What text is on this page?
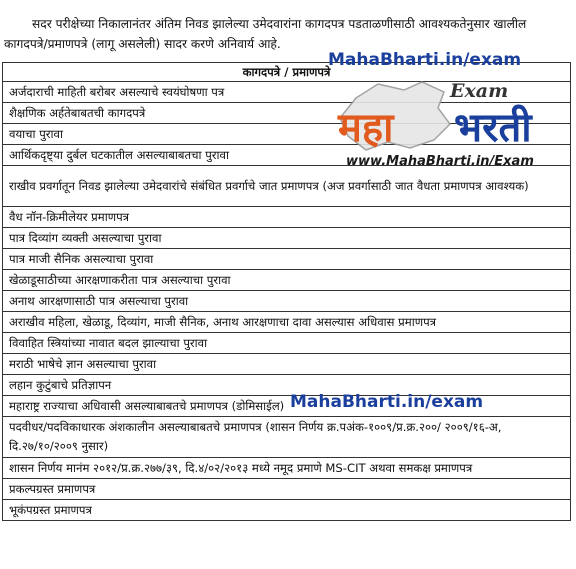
सदर परीक्षेच्या निकालानंतर अंतिम निवड झालेल्या उमेदवारांना कागदपत्र पडताळणीसाठी आवश्यकतेनुसार खालील कागदपत्रे/प्रमाणपत्रे (लागू असलेली) सादर करणे अनिवार्य आहे.

कागदपत्रे / प्रमाणपत्रे
अर्जदाराची माहिती बरोबर असल्याचे स्वयंघोषणा पत्र
शैक्षणिक अर्हतेबाबतची कागदपत्रे
वयाचा पुरावा
आर्थिकदृष्ट्या दुर्बल घटकातील असल्याबाबतचा पुरावा
राखीव प्रवर्गातून निवड झालेल्या उमेदवारांचे संबंधित प्रवर्गाचे जात प्रमाणपत्र (अज प्रवर्गासाठी जात वैधता प्रमाणपत्र आवश्यक)
वैध नॉन-क्रिमीलेयर प्रमाणपत्र
पात्र दिव्यांग व्यक्ती असल्याचा पुरावा
पात्र माजी सैनिक असल्याचा पुरावा
खेळाडूसाठीच्या आरक्षणाकरीता पात्र असल्याचा पुरावा
अनाथ आरक्षणासाठी पात्र असल्याचा पुरावा
अराखीव महिला, खेळाडू, दिव्यांग, माजी सैनिक, अनाथ आरक्षणाचा दावा असल्यास अधिवास प्रमाणपत्र
विवाहित स्त्रियांच्या नावात बदल झाल्याचा पुरावा
मराठी भाषेचे ज्ञान असल्याचा पुरावा
लहान कुटुंबाचे प्रतिज्ञापन
महाराष्ट्र राज्याचा अधिवासी असल्याबाबतचे प्रमाणपत्र (डोमिसाईल)
पदवीधर/पदविकाधारक अंशकालीन असल्याबाबतचे प्रमाणपत्र (शासन निर्णय क्र.पअंक-१००९/प्र.क्र.२००/ २००९/१६-अ, दि.२७/१०/२००९ नुसार)
शासन निर्णय मानंम २०१२/प्र.क्र.२७७/३९, दि.४/०२/२०१३ मध्ये नमूद प्रमाणे MS-CIT अथवा समकक्ष प्रमाणपत्र
प्रकल्पग्रस्त प्रमाणपत्र
भूकंपग्रस्त प्रमाणपत्र
MahaBharti.in/exam
Exam
महा भरती
www.MahaBharti.in/Exam
MahaBharti.in/exam
